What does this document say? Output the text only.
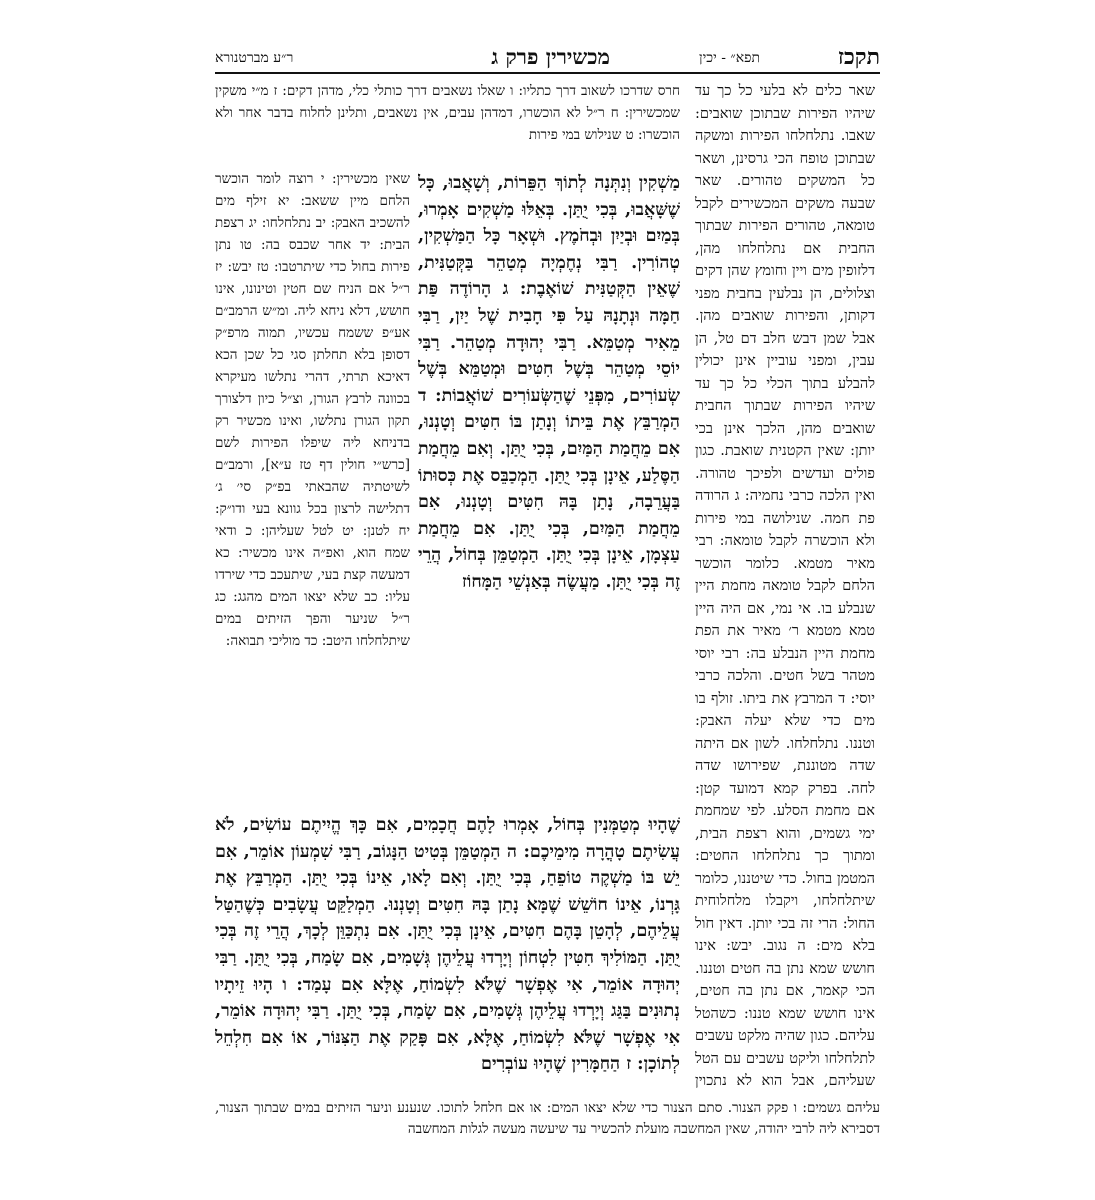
תקכז
תפא״ - יכין
מכשירין פרק ג
ר״ע מברטנורא

שאר כלים לא בלעי כל כך עד שיהיו הפירות שבתוכן שואבים: שאבו. נתלחלחו הפירות ומשקה שבתוכן טופח הכי גרסינן, ושאר כל המשקים טהורים. שאר שבעה משקים המכשירים לקבל טומאה, טהורים הפירות שבתוך החבית אם נתלחלחו מהן, דלזופין מים ויין וחומץ שהן דקים וצלולים, הן נבלעין בחבית מפני דקותן, והפירות שואבים מהן. אבל שמן דבש חלב דם טל, הן עבין, ומפני עוביין אינן יכולין להבלע בתוך הכלי כל כך עד שיהיו הפירות שבתוך החבית שואבים מהן, הלכך אינן בכי יותן: שאין הקטנית שואבת. כגון פולים ועדשים ולפיכך טהורה. ואין הלכה כרבי נחמיה: ג הרודה פת חמה. שנילושה במי פירות ולא הוכשרה לקבל טומאה: רבי מאיר מטמא. כלומר הוכשר הלחם לקבל טומאה מחמת היין שנבלע בו. אי נמי, אם היה היין טמא מטמא ר׳ מאיר את הפת מחמת היין הנבלע בה: רבי יוסי מטהר בשל חטים. והלכה כרבי יוסי: ד המרבץ את ביתו. זולף בו מים כדי שלא יעלה האבק: וטננו. נתלחלחו. לשון אם היתה שדה מטוננת, שפירושו שדה לחה. בפרק קמא דמועד קטן: אם מחמת הסלע. לפי שמחמת ימי גשמים, והוא רצפת הבית, ומתוך כך נתלחלחו החטים: המטמן בחול. כדי שיטננו, כלומר שיתלחלחו, ויקבלו מלחלוחית החול: הרי זה בכי יותן. דאין חול בלא מים: ה נגוב. יבש: אינו חושש שמא נתן בה חטים וטננו. הכי קאמר, אם נתן בה חטים, אינו חושש שמא טננו: כשהטל עליהם. כגון שהיה מלקט עשבים לתלחלחו וליקט עשבים עם הטל שעליהם, אבל הוא לא נתכוין

חרס שדרכו לשאוב דרך כתליו: ו שאלו נשאבים דרך כותלי כלי, מדהן דקים: ז מ״י משקין שמכשירין: ח ר״ל לא הוכשרו, דמדהן עבים, אין נשאבים, ותלינן לחלוח בדבר אחר ולא הוכשרו: ט שנילוש במי פירות

מַשְׁקִין וְנִתְּנָה לְתוֹךְ הַפֵּרוֹת, וְשָׁאֲבוּ, כָּל שֶׁשָּׁאֲבוּ, בְּכִי יֻתַּן. בְּאֵלּוּ מַשְׁקִים אָמְרוּ, בְּמַיִם וּבְיַיִן וּבְחֹמֶץ. וּשְׁאָר כָּל הַמַּשְׁקִין, טְהוֹרִין. רַבִּי נְחֶמְיָה מְטַהֵר בַּקְּטַנִּית, שֶׁאֵין הַקְּטַנִּית שׁוֹאֶבֶת: ג הָרוֹדֶה פַּת חַמָּה וּנְתָנָהּ עַל פִּי חָבִית שֶׁל יַיִן, רַבִּי מֵאִיר מְטַמֵּא. רַבִּי יְהוּדָה מְטַהֵר. רַבִּי יוֹסֵי מְטַהֵר בְּשֶׁל חִטִּים וּמְטַמֵּא בְּשֶׁל שְׂעוֹרִים, מִפְּנֵי שֶׁהַשְּׂעוֹרִים שׁוֹאֲבוֹת: ד הַמְרַבֵּץ אֶת בֵּיתוֹ וְנָתַן בּוֹ חִטִּים וְטָנְנוּ, אִם מֵחֲמַת הַמַּיִם, בְּכִי יֻתַּן. וְאִם מֵחֲמַת הַסֶּלַע, אֵינָן בְּכִי יֻתַּן. הַמְכַבֵּס אֶת כְּסוּתוֹ בַּעֲרֵבָה, נָתַן בָּהּ חִטִּים וְטָנְנוּ, אִם מֵחֲמַת הַמַּיִם, בְּכִי יֻתַּן. אִם מֵחֲמַת עַצְמָן, אֵינָן בְּכִי יֻתַּן. הַמְטַמֵּן בְּחוֹל, הֲרֵי זֶה בְּכִי יֻתַּן. מַעֲשֶׂה בְּאַנְשֵׁי הַמָּחוֹז

שאין מכשירין: י רוצה לומר הוכשר הלחם מיין ששאב: יא זילף מים להשכיב האבק: יב נתלחלחו: יג רצפת הבית: יד אחר שכבס בה: טו נתן פירות בחול כדי שיתרטבו: טז יבש: יז ר״ל אם הניח שם חטין וטינונו, אינו חושש, דלא ניחא ליה. ומ״ש הרמב״ם אע״פ ששמח עכשיו, תמוה מרפ״ק דסופן בלא תחלתן סגי כל שכן הכא דאיכא תרתי, דהרי נתלשו מעיקרא בכוונה לרבץ הגורן, וצ״ל כיון דלצורך תקון הגורן נתלשו, ואינו מכשיר רק בדניחא ליה שיפלו הפירות לשם [כרש״י חולין דף טז ע״א], ורמב״ם לשיטתיה שהבאתי בפ״ק סי׳ ג׳ דתלישה לרצון בכל גוונא בעי ודו״ק: יח לטנן: יט לטל שעליהן: כ ודאי שמח הוא, ואפ״ה אינו מכשיר: כא דמעשה קצת בעי, שיתעכב כדי שירדו עליו: כב שלא יצאו המים מהגג: כג ר״ל שניער והפך הזיתים במים שיתלחלחו היטב: כד מוליכי תבואה:

שֶׁהָיוּ מְטַמְּנִין בְּחוֹל, אָמְרוּ לָהֶם חֲכָמִים, אִם כָּךְ הֱיִיתֶם עוֹשִׂים, לֹא עֲשִׂיתֶם טָהֳרָה מִימֵיכֶם: ה הַמְטַמֵּן בְּטִיט הַנָּגוֹב, רַבִּי שִׁמְעוֹן אוֹמֵר, אִם יֵשׁ בּוֹ מַשְׁקֶה טוֹפֵחַ, בְּכִי יֻתַּן. וְאִם לָאו, אֵינוֹ בְּכִי יֻתַּן. הַמְרַבֵּץ אֶת גָּרְנוֹ, אֵינוֹ חוֹשֵׁשׁ שֶׁמָּא נָתַן בָּהּ חִטִּים וְטָנְנוּ. הַמְלַקֵּט עֲשָׂבִים כְּשֶׁהַטַּל עֲלֵיהֶם, לְהָטֵן בָּהֶם חִטִּים, אֵינָן בְּכִי יֻתַּן. אִם נִתְכַּוֵּן לְכָךְ, הֲרֵי זֶה בְּכִי יֻתַּן. הַמּוֹלִיךְ חִטִּין לִטְחוֹן וְיָרְדוּ עֲלֵיהֶן גְּשָׁמִים, אִם שָׂמַח, בְּכִי יֻתַּן. רַבִּי יְהוּדָה אוֹמֵר, אִי אֶפְשָׁר שֶׁלֹּא לִשְׂמוֹחַ, אֶלָּא אִם עָמַד: ו הָיוּ זֵיתָיו נְתוּנִים בַּגַּג וְיָרְדוּ עֲלֵיהֶן גְּשָׁמִים, אִם שָׂמַח, בְּכִי יֻתַּן. רַבִּי יְהוּדָה אוֹמֵר, אִי אֶפְשָׁר שֶׁלֹּא לִשְׂמוֹחַ, אֶלָּא, אִם פָּקַק אֶת הַצִּנּוֹר, אוֹ אִם חִלְחֵל לְתוֹכָן: ז הַחַמָּרִין שֶׁהָיוּ עוֹבְרִים

עליהם גשמים: ו פקק הצנור. סתם הצנור כדי שלא יצאו המים: או אם חלחל לתוכו. שנענע וניער הזיתים במים שבתוך הצנור, דסבירא ליה לרבי יהודה, שאין המחשבה מועלת להכשיר עד שיעשה מעשה לגלות המחשבה
